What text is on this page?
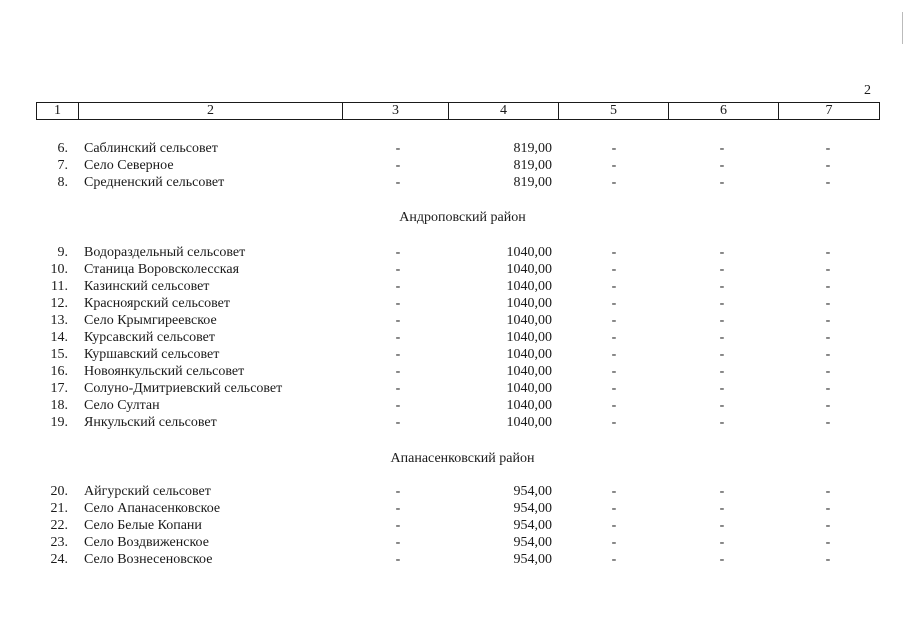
2
1	2	3	4	5	6	7
6. Саблинский сельсовет	-	819,00	-	-	-
7. Село Северное	-	819,00	-	-	-
8. Средненский сельсовет	-	819,00	-	-	-
Андроповский район
9. Водораздельный сельсовет	-	1040,00	-	-	-
10. Станица Воровсколесская	-	1040,00	-	-	-
11. Казинский сельсовет	-	1040,00	-	-	-
12. Красноярский сельсовет	-	1040,00	-	-	-
13. Село Крымгиреевское	-	1040,00	-	-	-
14. Курсавский сельсовет	-	1040,00	-	-	-
15. Куршавский сельсовет	-	1040,00	-	-	-
16. Новоянкульский сельсовет	-	1040,00	-	-	-
17. Солуно-Дмитриевский сельсовет	-	1040,00	-	-	-
18. Село Султан	-	1040,00	-	-	-
19. Янкульский сельсовет	-	1040,00	-	-	-
Апанасенковский район
20. Айгурский сельсовет	-	954,00	-	-	-
21. Село Апанасенковское	-	954,00	-	-	-
22. Село Белые Копани	-	954,00	-	-	-
23. Село Воздвиженское	-	954,00	-	-	-
24. Село Вознесеновское	-	954,00	-	-	-
